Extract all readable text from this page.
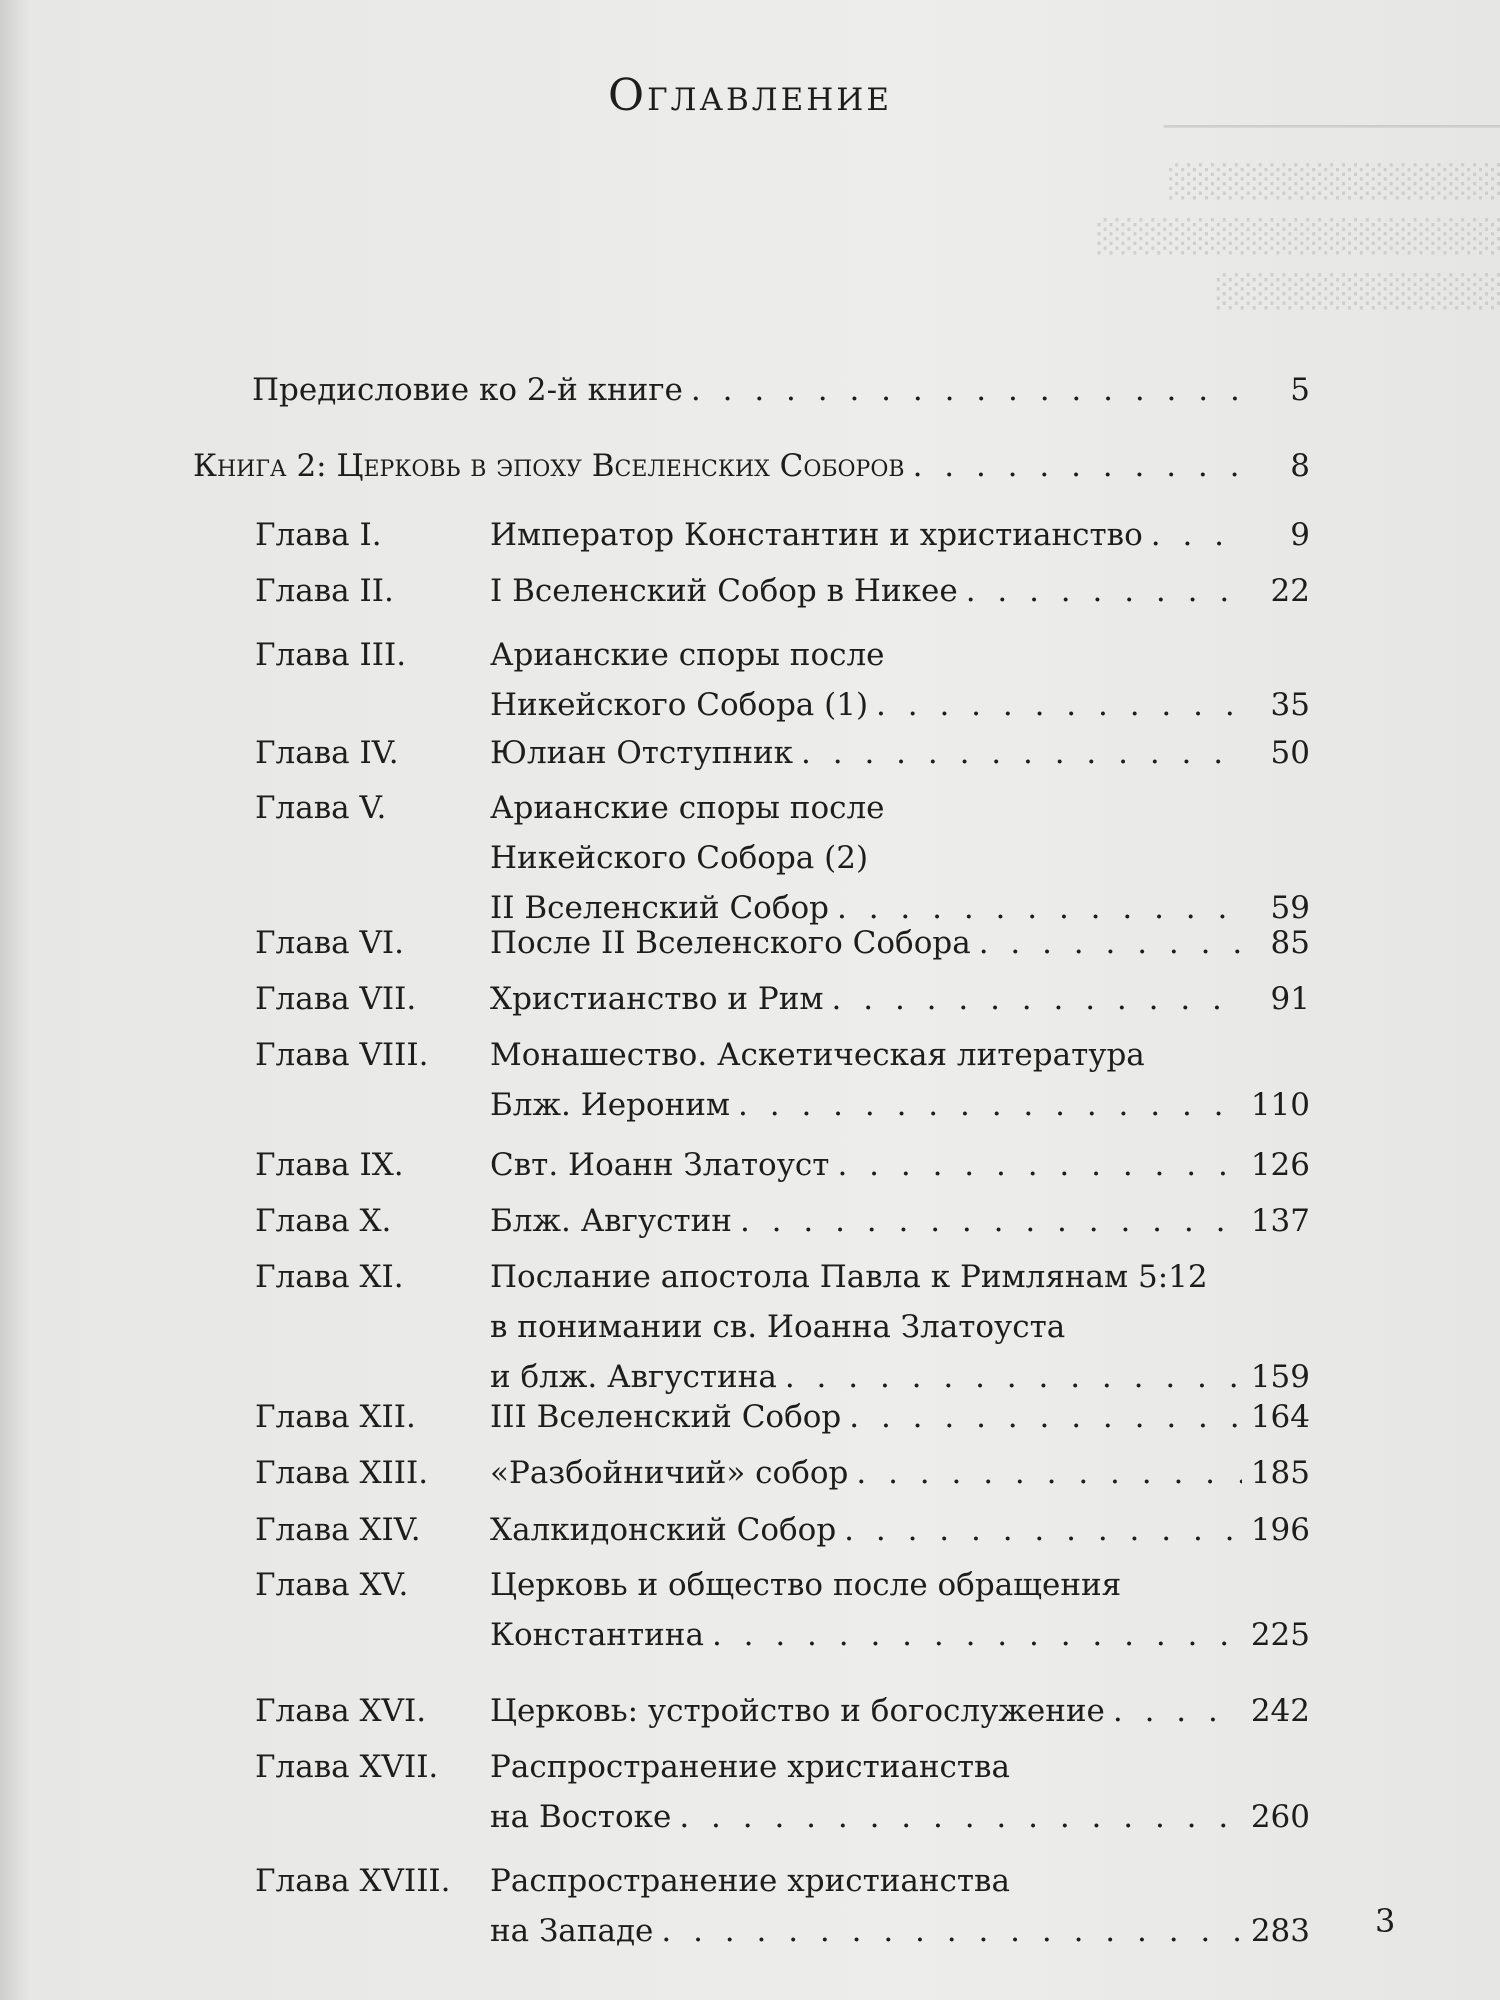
──────────────────
░░░░░░░░░░░░░░
░░░░░░░░░░░░░░░░░
░░░░░░░░░░░░
Оглавление
Предисловие ко 2-й книге . . .	5
Книга 2: Церковь в эпоху Вселенских Соборов . . .	8
Глава I.	Император Константин и христианство . . .	9
Глава II.	I Вселенский Собор в Никее . . .	22
Глава III.	Арианские споры после
Никейского Собора (1) . . .	35
Глава IV.	Юлиан Отступник . . .	50
Глава V.	Арианские споры после
Никейского Собора (2)
II Вселенский Собор . . .	59
Глава VI.	После II Вселенского Собора . . .	85
Глава VII. Христианство и Рим . . .	91
Глава VIII. Монашество. Аскетическая литература
Блж. Иероним . . .	110
Глава IX.	Свт. Иоанн Златоуст . . .	126
Глава X.	Блж. Августин . . .	137
Глава XI.	Послание апостола Павла к Римлянам 5:12
в понимании св. Иоанна Златоуста
и блж. Августина . . .	159
Глава XII. III Вселенский Собор . . .	164
Глава XIII. «Разбойничий» собор . . .	185
Глава XIV. Халкидонский Собор . . .	196
Глава XV.	Церковь и общество после обращения
Константина . . .	225
Глава XVI. Церковь: устройство и богослужение . . .	242
Глава XVII. Распространение христианства
на Востоке . . .	260
Глава XVIII. Распространение христианства
на Западе . . .	283 3
